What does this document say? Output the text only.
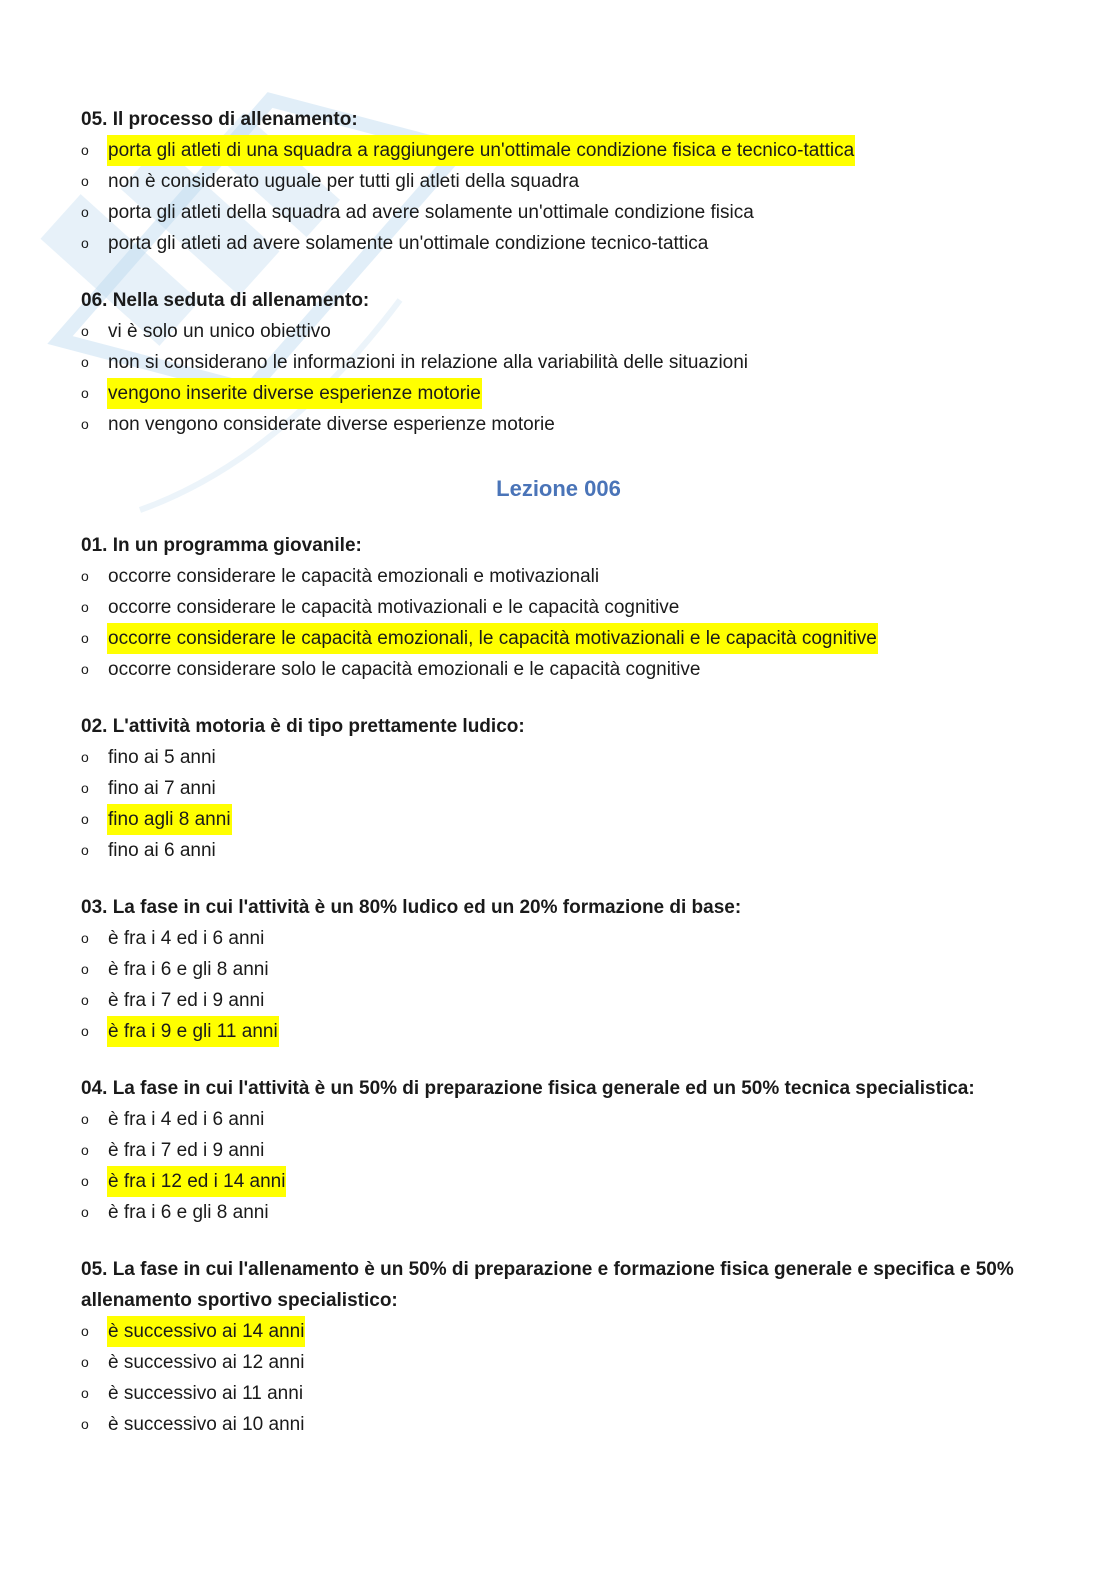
05. Il processo di allenamento:

o	porta gli atleti di una squadra a raggiungere un'ottimale condizione fisica e tecnico-tattica
o	non è considerato uguale per tutti gli atleti della squadra
o	porta gli atleti della squadra ad avere solamente un'ottimale condizione fisica
o	porta gli atleti ad avere solamente un'ottimale condizione tecnico-tattica

06. Nella seduta di allenamento:

o	vi è solo un unico obiettivo
o	non si considerano le informazioni in relazione alla variabilità delle situazioni
o	vengono inserite diverse esperienze motorie
o	non vengono considerate diverse esperienze motorie
Lezione 006

01. In un programma giovanile:

o	occorre considerare le capacità emozionali e motivazionali
o	occorre considerare le capacità motivazionali e le capacità cognitive
o	occorre considerare le capacità emozionali, le capacità motivazionali e le capacità cognitive
o	occorre considerare solo le capacità emozionali e le capacità cognitive

02. L'attività motoria è di tipo prettamente ludico:

o	fino ai 5 anni
o	fino ai 7 anni
o	fino agli 8 anni
o	fino ai 6 anni

03. La fase in cui l'attività è un 80% ludico ed un 20% formazione di base:

o	è fra i 4 ed i 6 anni
o	è fra i 6 e gli 8 anni
o	è fra i 7 ed i 9 anni
o	è fra i 9 e gli 11 anni

04. La fase in cui l'attività è un 50% di preparazione fisica generale ed un 50% tecnica specialistica:

o	è fra i 4 ed i 6 anni
o	è fra i 7 ed i 9 anni
o	è fra i 12 ed i 14 anni
o	è fra i 6 e gli 8 anni

05. La fase in cui l'allenamento è un 50% di preparazione e formazione fisica generale e specifica e 50% allenamento sportivo specialistico:

o	è successivo ai 14 anni
o	è successivo ai 12 anni
o	è successivo ai 11 anni
o	è successivo ai 10 anni
